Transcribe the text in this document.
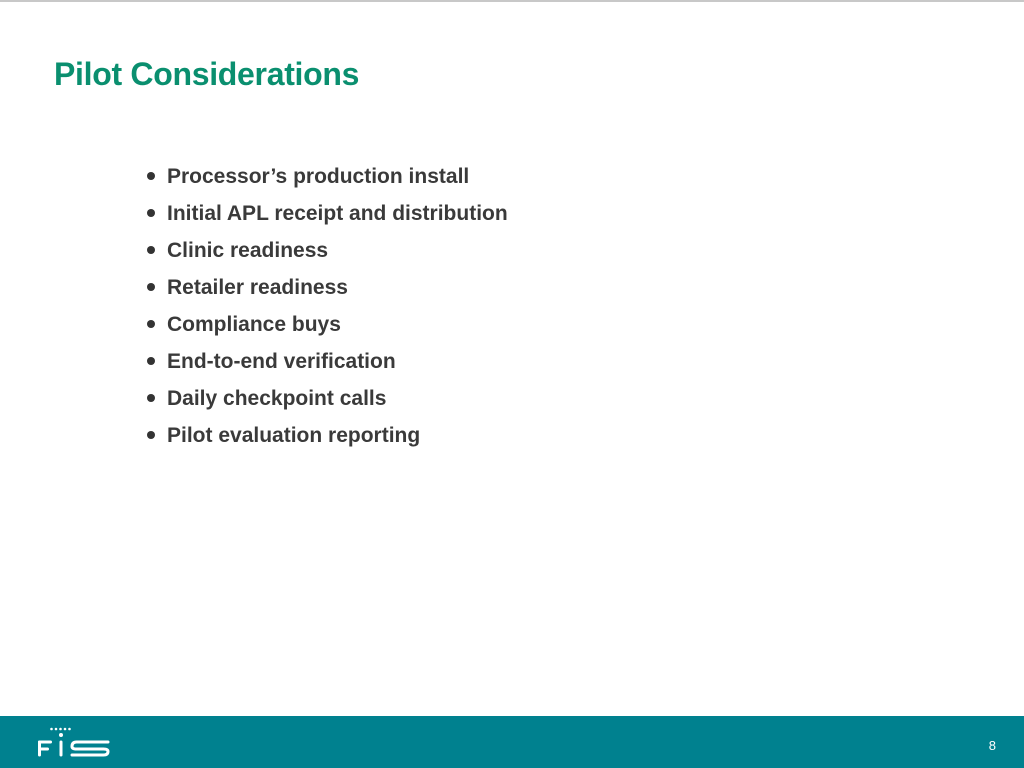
Pilot Considerations
Processor’s production install
Initial APL receipt and distribution
Clinic readiness
Retailer readiness
Compliance buys
End-to-end verification
Daily checkpoint calls
Pilot evaluation reporting
8
